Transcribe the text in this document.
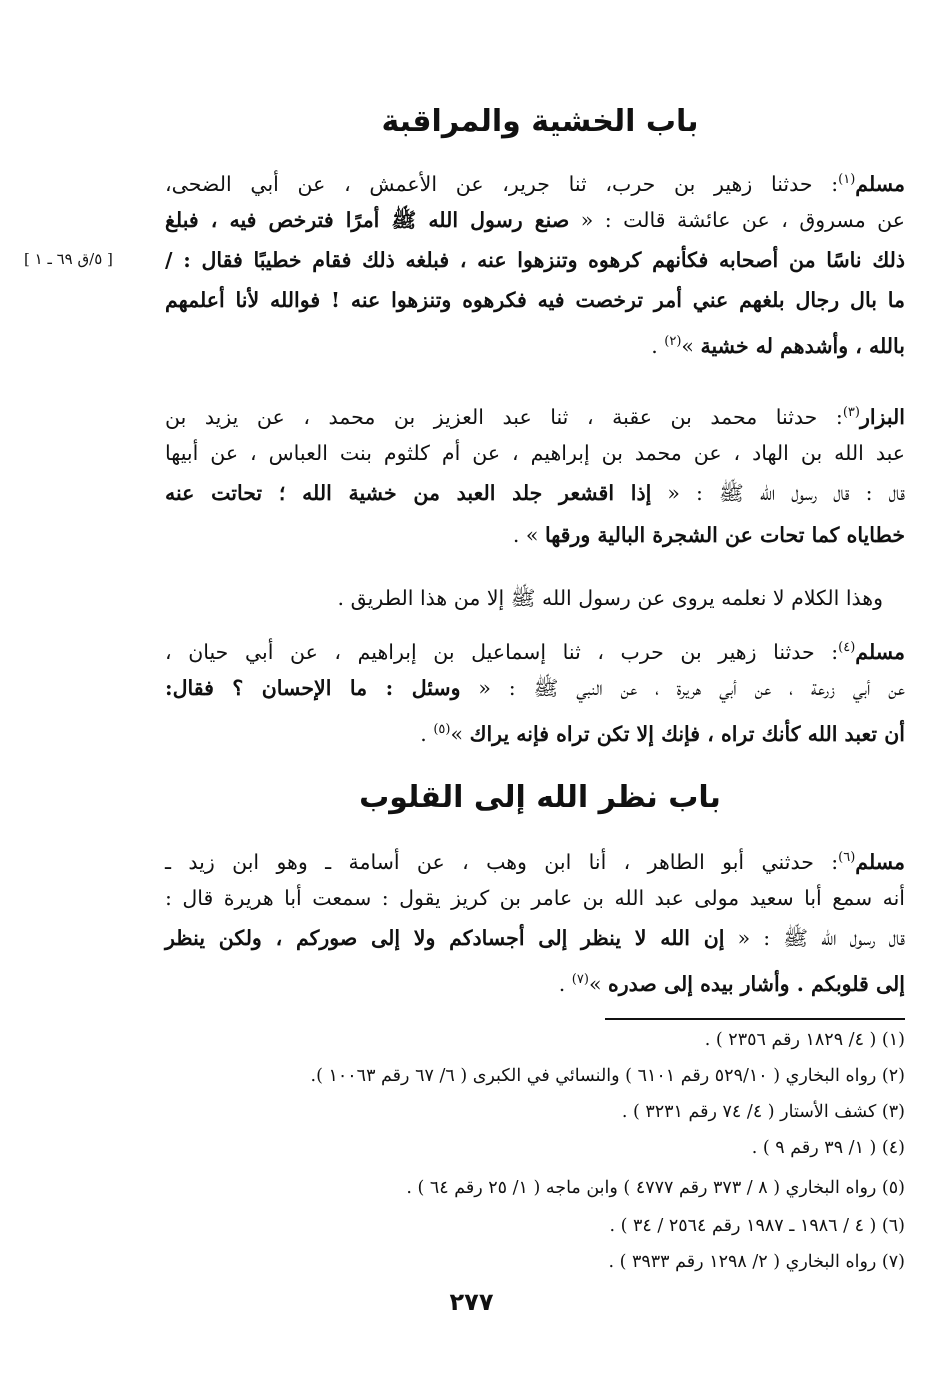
باب الخشية والمراقبة
[ ٥/ق ٦٩ ـ ١ ]
مسلم$^{(١)}$: حدثنا زهير بن حرب، ثنا جرير، عن الأعمش ، عن أبي الضحى،
عن مسروق ، عن عائشة قالت : « صنع رسول الله ﷺ أمرًا فترخص فيه ، فبلغ
ذلك ناسًا من أصحابه فكأنهم كرهوه وتنزهوا عنه ، فبلغه ذلك فقام خطيبًا فقال : /
ما بال رجال بلغهم عني أمر ترخصت فيه فكرهوه وتنزهوا عنه ! فوالله لأنا أعلمهم
بالله ، وأشدهم له خشية »$^{(٢)}$ .
البزار$^{(٣)}$: حدثنا محمد بن عقبة ، ثنا عبد العزيز بن محمد ، عن يزيد بن
عبد الله بن الهاد ، عن محمد بن إبراهيم ، عن أم كلثوم بنت العباس ، عن أبيها
قال : قال رسول الله ﷺ : « إذا اقشعر جلد العبد من خشية الله ؛ تحاتت عنه
خطاياه كما تحات عن الشجرة البالية ورقها » .
وهذا الكلام لا نعلمه يروى عن رسول الله ﷺ إلا من هذا الطريق .
مسلم$^{(٤)}$: حدثنا زهير بن حرب ، ثنا إسماعيل بن إبراهيم ، عن أبي حيان ،
عن أبي زرعة ، عن أبي هريرة ، عن النبي ﷺ : « وسئل : ما الإحسان ؟ فقال:
أن تعبد الله كأنك تراه ، فإنك إلا تكن تراه فإنه يراك »$^{(٥)}$ .
باب نظر الله إلى القلوب
مسلم$^{(٦)}$: حدثني أبو الطاهر ، أنا ابن وهب ، عن أسامة ـ وهو ابن زيد ـ
أنه سمع أبا سعيد مولى عبد الله بن عامر بن كريز يقول : سمعت أبا هريرة قال :
قال رسول الله ﷺ : « إن الله لا ينظر إلى أجسادكم ولا إلى صوركم ، ولكن ينظر
إلى قلوبكم . وأشار بيده إلى صدره »$^{(٧)}$ .
(١) ( ٤/ ١٨٢٩ رقم ٢٣٥٦ ) .
(٢) رواه البخاري ( ٥٢٩/١٠ رقم ٦١٠١ ) والنسائي في الكبرى ( ٦/ ٦٧ رقم ١٠٠٦٣ ).
(٣) كشف الأستار ( ٤/ ٧٤ رقم ٣٢٣١ ) .
(٤) ( ١/ ٣٩ رقم ٩ ) .
(٥) رواه البخاري ( ٨ / ٣٧٣ رقم ٤٧٧٧ ) وابن ماجه ( ١/ ٢٥ رقم ٦٤ ) .
(٦) ( ٤ / ١٩٨٦ ـ ١٩٨٧ رقم ٢٥٦٤ / ٣٤ ) .
(٧) رواه البخاري ( ٢/ ١٢٩٨ رقم ٣٩٣٣ ) .
٢٧٧
